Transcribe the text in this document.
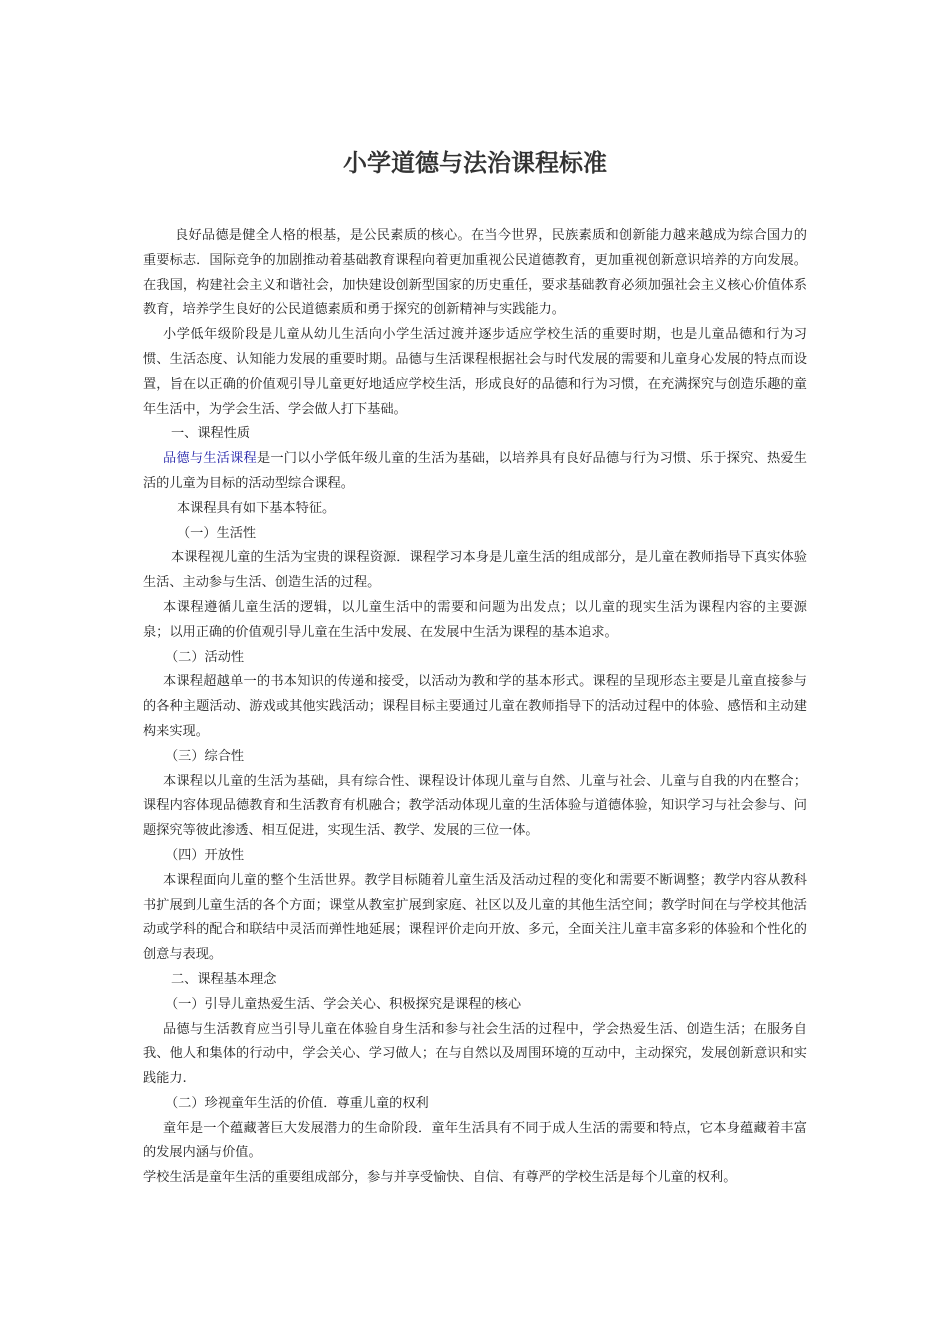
小学道德与法治课程标准

良好品德是健全人格的根基，是公民素质的核心。在当今世界，民族素质和创新能力越来越成为综合国力的重要标志．国际竞争的加剧推动着基础教育课程向着更加重视公民道德教育，更加重视创新意识培养的方向发展。在我国，构建社会主义和谐社会，加快建设创新型国家的历史重任，要求基础教育必须加强社会主义核心价值体系教育，培养学生良好的公民道德素质和勇于探究的创新精神与实践能力。

小学低年级阶段是儿童从幼儿生活向小学生活过渡并逐步适应学校生活的重要时期，也是儿童品德和行为习惯、生活态度、认知能力发展的重要时期。品德与生活课程根据社会与时代发展的需要和儿童身心发展的特点而设置，旨在以正确的价值观引导儿童更好地适应学校生活，形成良好的品德和行为习惯，在充满探究与创造乐趣的童年生活中，为学会生活、学会做人打下基础。

一、课程性质

品德与生活课程是一门以小学低年级儿童的生活为基础，以培养具有良好品德与行为习惯、乐于探究、热爱生活的儿童为目标的活动型综合课程。

本课程具有如下基本特征。

（一）生活性

本课程视儿童的生活为宝贵的课程资源．课程学习本身是儿童生活的组成部分，是儿童在教师指导下真实体验生活、主动参与生活、创造生活的过程。

本课程遵循儿童生活的逻辑，以儿童生活中的需要和问题为出发点；以儿童的现实生活为课程内容的主要源泉；以用正确的价值观引导儿童在生活中发展、在发展中生活为课程的基本追求。

（二）活动性

本课程超越单一的书本知识的传递和接受，以活动为教和学的基本形式。课程的呈现形态主要是儿童直接参与的各种主题活动、游戏或其他实践活动；课程目标主要通过儿童在教师指导下的活动过程中的体验、感悟和主动建构来实现。

（三）综合性

本课程以儿童的生活为基础，具有综合性、课程设计体现儿童与自然、儿童与社会、儿童与自我的内在整合；课程内容体现品德教育和生活教育有机融合；教学活动体现儿童的生活体验与道德体验，知识学习与社会参与、问题探究等彼此渗透、相互促进，实现生活、教学、发展的三位一体。

（四）开放性

本课程面向儿童的整个生活世界。教学目标随着儿童生活及活动过程的变化和需要不断调整；教学内容从教科书扩展到儿童生活的各个方面；课堂从教室扩展到家庭、社区以及儿童的其他生活空间；教学时间在与学校其他活动或学科的配合和联结中灵活而弹性地延展；课程评价走向开放、多元，全面关注儿童丰富多彩的体验和个性化的创意与表现。

二、课程基本理念

（一）引导儿童热爱生活、学会关心、积极探究是课程的核心

品德与生活教育应当引导儿童在体验自身生活和参与社会生活的过程中，学会热爱生活、创造生活；在服务自我、他人和集体的行动中，学会关心、学习做人；在与自然以及周围环境的互动中，主动探究，发展创新意识和实践能力.

（二）珍视童年生活的价值．尊重儿童的权利

童年是一个蕴藏著巨大发展潜力的生命阶段．童年生活具有不同于成人生活的需要和特点，它本身蕴藏着丰富的发展内涵与价值。

学校生活是童年生活的重要组成部分，参与并享受愉快、自信、有尊严的学校生活是每个儿童的权利。
